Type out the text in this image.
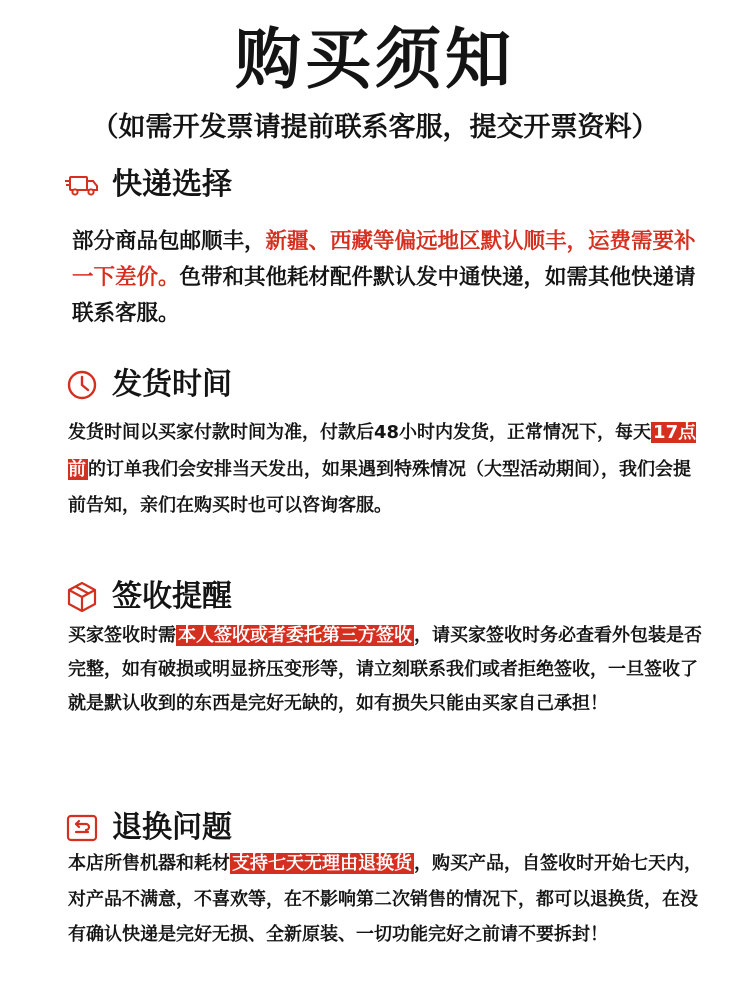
购买须知
（如需开发票请提前联系客服，提交开票资料）
快递选择
部分商品包邮顺丰，新疆、西藏等偏远地区默认顺丰，运费需要补一下差价。色带和其他耗材配件默认发中通快递，如需其他快递请联系客服。
发货时间
发货时间以买家付款时间为准，付款后48小时内发货，正常情况下，每天 17点前 的订单我们会安排当天发出，如果遇到特殊情况（大型活动期间），我们会提前告知，亲们在购买时也可以咨询客服。
签收提醒
买家签收时需 本人签收或者委托第三方签收 ，请买家签收时务必查看外包装是否完整，如有破损或明显挤压变形等，请立刻联系我们或者拒绝签收，一旦签收了就是默认收到的东西是完好无缺的，如有损失只能由买家自己承担！
退换问题
本店所售机器和耗材 支持七天无理由退换货 ，购买产品，自签收时开始七天内，对产品不满意，不喜欢等，在不影响第二次销售的情况下，都可以退换货，在没有确认快递是完好无损、全新原装、一切功能完好之前请不要拆封！
